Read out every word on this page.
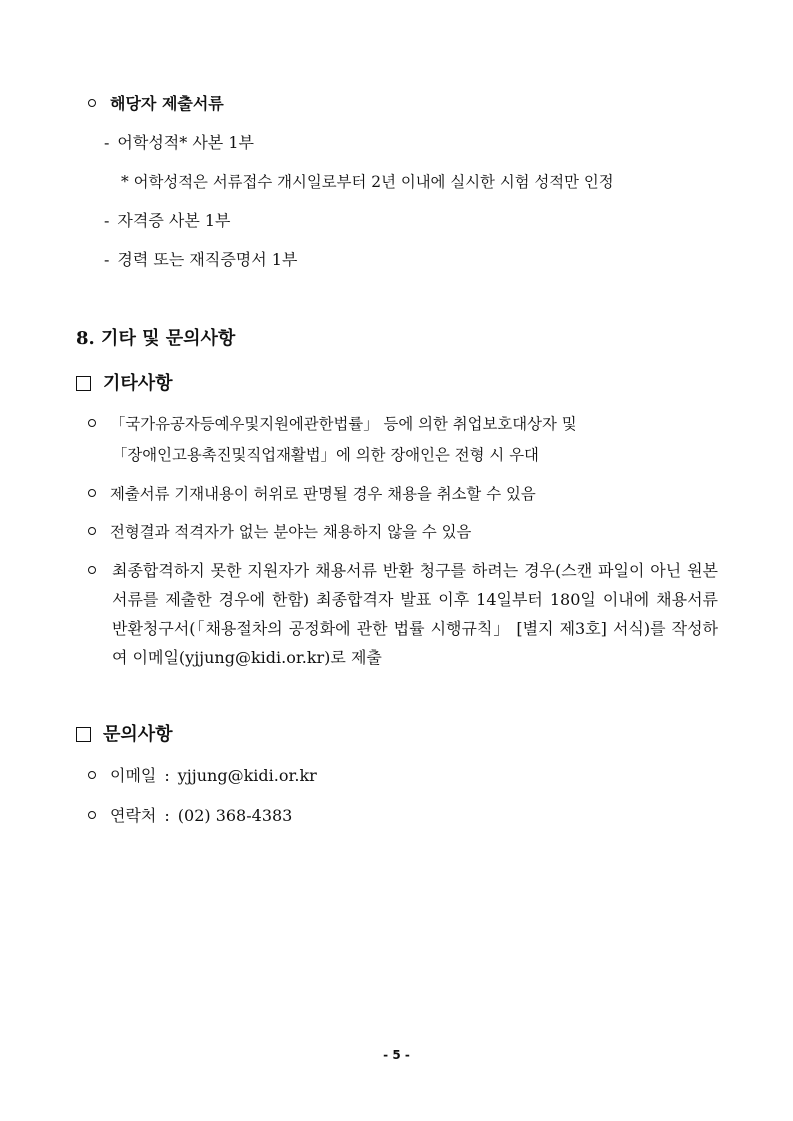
해당자 제출서류
- 어학성적* 사본 1부
* 어학성적은 서류접수 개시일로부터 2년 이내에 실시한 시험 성적만 인정
- 자격증 사본 1부
- 경력 또는 재직증명서 1부
8. 기타 및 문의사항
기타사항
「국가유공자등예우및지원에관한법률」 등에 의한 취업보호대상자 및
「장애인고용촉진및직업재활법」에 의한 장애인은 전형 시 우대
제출서류 기재내용이 허위로 판명될 경우 채용을 취소할 수 있음
전형결과 적격자가 없는 분야는 채용하지 않을 수 있음
최종합격하지 못한 지원자가 채용서류 반환 청구를 하려는 경우(스캔 파일이 아닌 원본서류를 제출한 경우에 한함) 최종합격자 발표 이후 14일부터 180일 이내에 채용서류 반환청구서(「채용절차의 공정화에 관한 법률 시행규칙」 [별지 제3호] 서식)를 작성하여 이메일(yjjung@kidi.or.kr)로 제출
문의사항
이메일 : yjjung@kidi.or.kr
연락처 : (02) 368-4383
- 5 -
